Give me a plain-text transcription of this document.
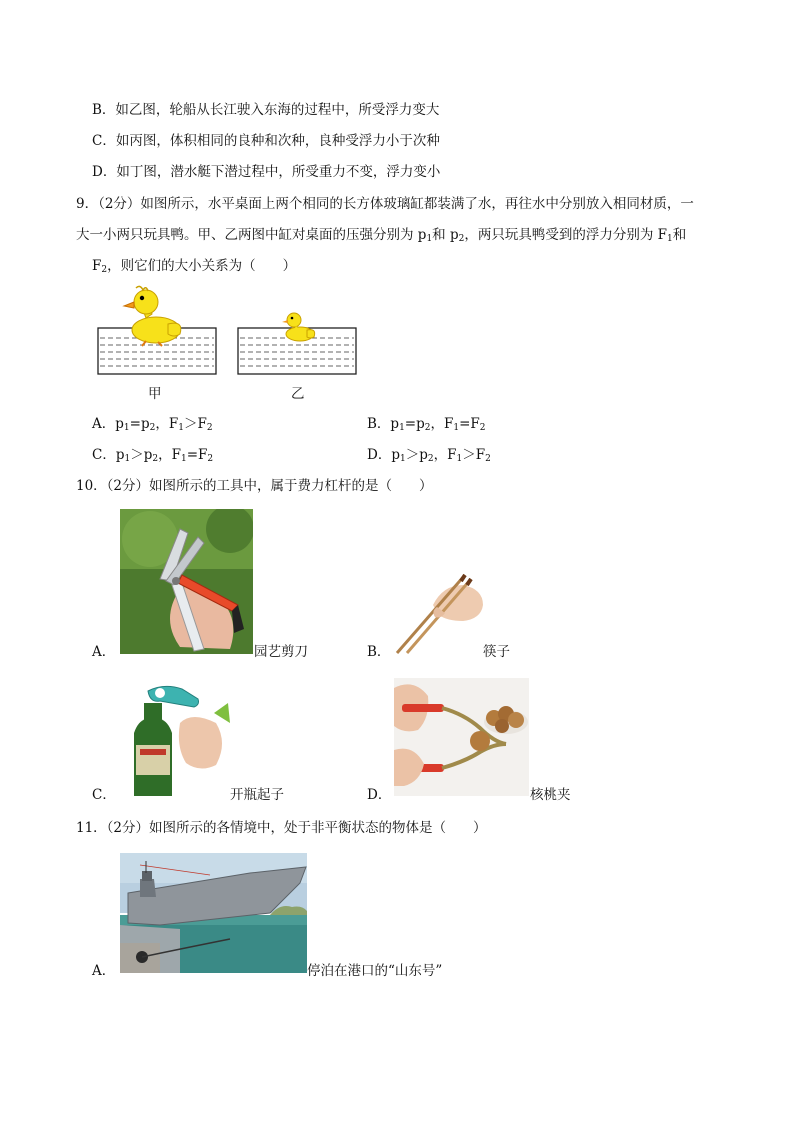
B．如乙图，轮船从长江驶入东海的过程中，所受浮力变大
C．如丙图，体积相同的良种和次种，良种受浮力小于次种
D．如丁图，潜水艇下潜过程中，所受重力不变，浮力变小
9．（2分）如图所示，水平桌面上两个相同的长方体玻璃缸都装满了水，再往水中分别放入相同材质，一
大一小两只玩具鸭。甲、乙两图中缸对桌面的压强分别为 $p_1$和 $p_2$，两只玩具鸭受到的浮力分别为 $F_1$和
$F_2$，则它们的大小关系为（　　）
甲	乙
A．$p_1=p_2$，$F_1>F_2$	B．$p_1=p_2$，$F_1=F_2$
C．$p_1>p_2$，$F_1=F_2$	D．$p_1>p_2$，$F_1>F_2$
10．（2分）如图所示的工具中，属于费力杠杆的是（　　）
A．	园艺剪刀	B．	筷子
C．	开瓶起子	D．	核桃夹
11．（2分）如图所示的各情境中，处于非平衡状态的物体是（　　）
A．	停泊在港口的“山东号”
